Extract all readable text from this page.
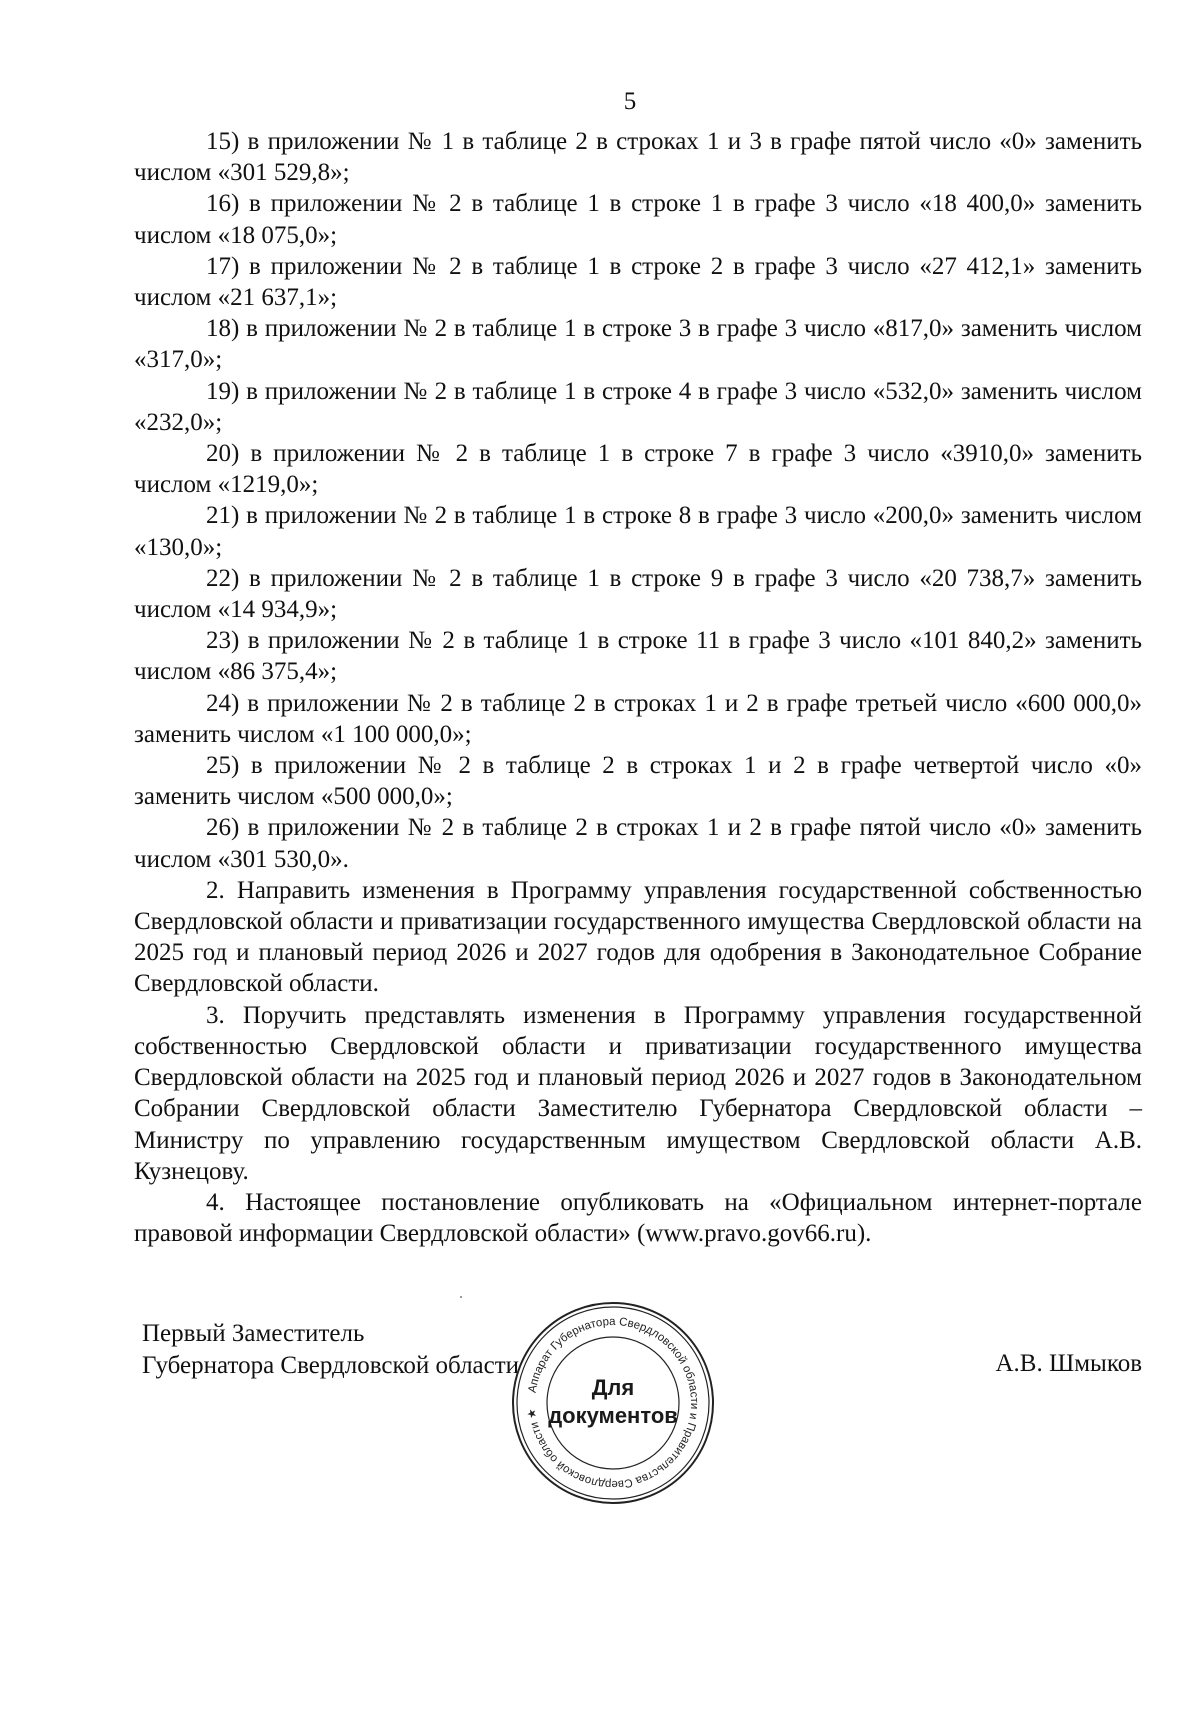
5

15) в приложении № 1 в таблице 2 в строках 1 и 3 в графе пятой число «0» заменить числом «301 529,8»;

16) в приложении № 2 в таблице 1 в строке 1 в графе 3 число «18 400,0» заменить числом «18 075,0»;

17) в приложении № 2 в таблице 1 в строке 2 в графе 3 число «27 412,1» заменить числом «21 637,1»;

18) в приложении № 2 в таблице 1 в строке 3 в графе 3 число «817,0» заменить числом «317,0»;

19) в приложении № 2 в таблице 1 в строке 4 в графе 3 число «532,0» заменить числом «232,0»;

20) в приложении № 2 в таблице 1 в строке 7 в графе 3 число «3910,0» заменить числом «1219,0»;

21) в приложении № 2 в таблице 1 в строке 8 в графе 3 число «200,0» заменить числом «130,0»;

22) в приложении № 2 в таблице 1 в строке 9 в графе 3 число «20 738,7» заменить числом «14 934,9»;

23) в приложении № 2 в таблице 1 в строке 11 в графе 3 число «101 840,2» заменить числом «86 375,4»;

24) в приложении № 2 в таблице 2 в строках 1 и 2 в графе третьей число «600 000,0» заменить числом «1 100 000,0»;

25) в приложении № 2 в таблице 2 в строках 1 и 2 в графе четвертой число «0» заменить числом «500 000,0»;

26) в приложении № 2 в таблице 2 в строках 1 и 2 в графе пятой число «0» заменить числом «301 530,0».

2. Направить изменения в Программу управления государственной собственностью Свердловской области и приватизации государственного имущества Свердловской области на 2025 год и плановый период 2026 и 2027 годов для одобрения в Законодательное Собрание Свердловской области.

3. Поручить представлять изменения в Программу управления государственной собственностью Свердловской области и приватизации государственного имущества Свердловской области на 2025 год и плановый период 2026 и 2027 годов в Законодательном Собрании Свердловской области Заместителю Губернатора Свердловской области – Министру по управлению государственным имуществом Свердловской области А.В. Кузнецову.

4. Настоящее постановление опубликовать на «Официальном интернет-портале правовой информации Свердловской области» (www.pravo.gov66.ru).

Первый Заместитель
Губернатора Свердловской области	А.В. Шмыков
Аппарат Губернатора Свердловской области и Правительства Свердловской области ★
Для
документов
